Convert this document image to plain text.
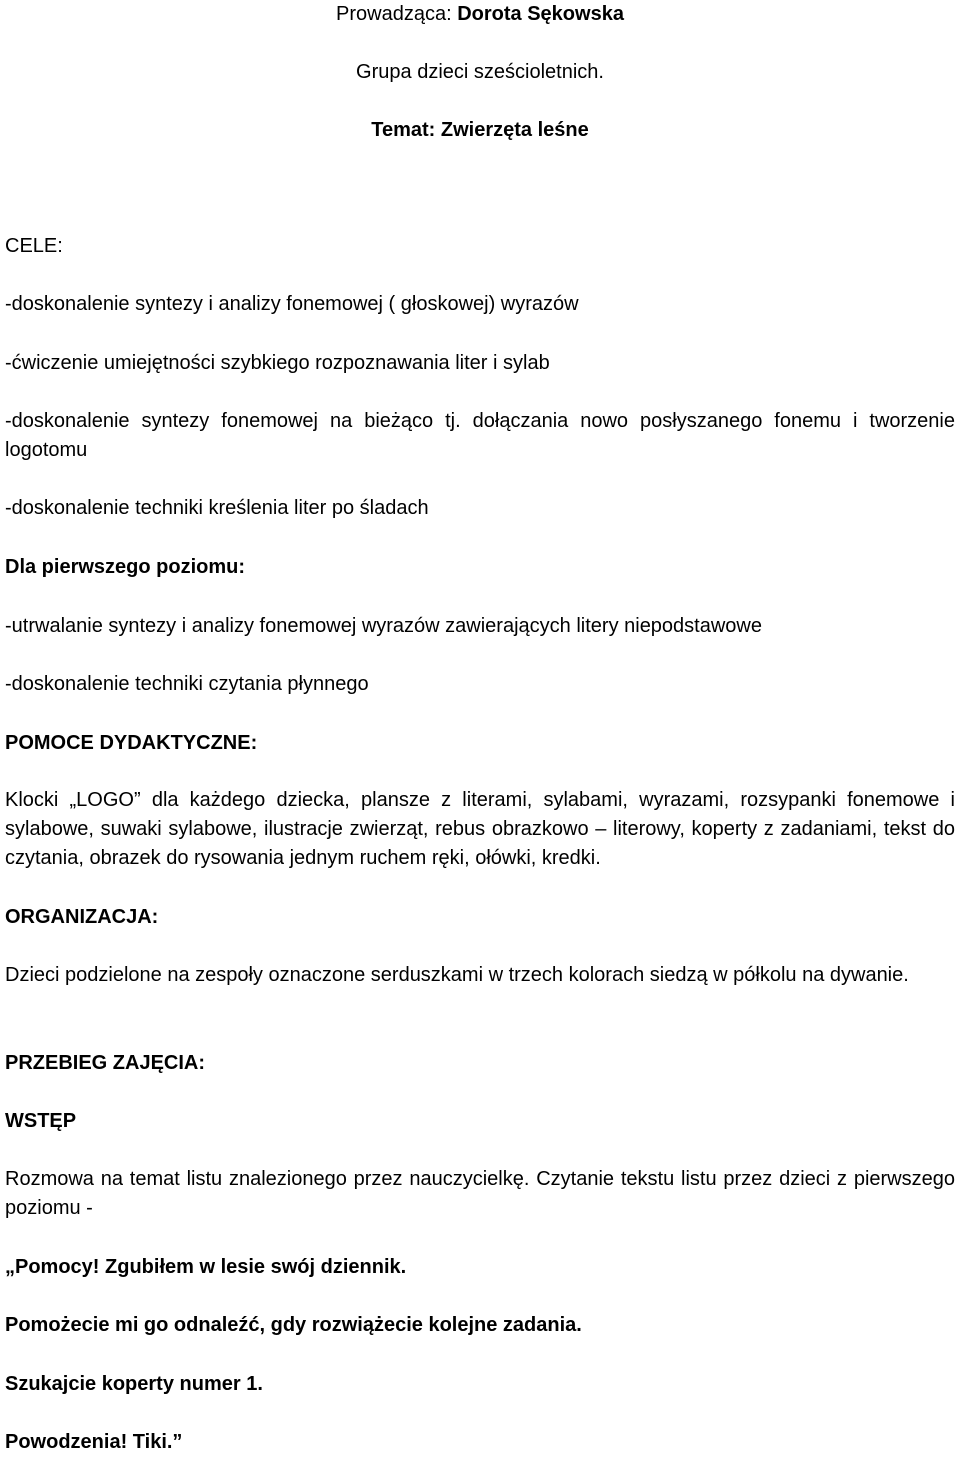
Prowadząca: Dorota Sękowska
Grupa dzieci sześcioletnich.
Temat: Zwierzęta leśne
CELE:
-doskonalenie syntezy i analizy fonemowej ( głoskowej) wyrazów
-ćwiczenie umiejętności szybkiego rozpoznawania liter i sylab
-doskonalenie syntezy fonemowej na bieżąco tj. dołączania nowo posłyszanego fonemu i tworzenie logotomu
-doskonalenie techniki kreślenia liter po śladach
Dla pierwszego poziomu:
-utrwalanie syntezy i analizy fonemowej wyrazów zawierających litery niepodstawowe
-doskonalenie techniki czytania płynnego
POMOCE DYDAKTYCZNE:
Klocki „LOGO” dla każdego dziecka, plansze z literami, sylabami, wyrazami, rozsypanki fonemowe i sylabowe, suwaki sylabowe, ilustracje zwierząt, rebus obrazkowo – literowy, koperty z zadaniami, tekst do czytania, obrazek do rysowania jednym ruchem ręki, ołówki, kredki.
ORGANIZACJA:
Dzieci podzielone na zespoły oznaczone serduszkami w trzech kolorach siedzą w półkolu na dywanie.
PRZEBIEG ZAJĘCIA:
WSTĘP
Rozmowa na temat listu znalezionego przez nauczycielkę. Czytanie tekstu listu przez dzieci z pierwszego poziomu -
„Pomocy! Zgubiłem w lesie swój dziennik.
Pomożecie mi go odnaleźć, gdy rozwiążecie kolejne zadania.
Szukajcie koperty numer 1.
Powodzenia! Tiki.”
